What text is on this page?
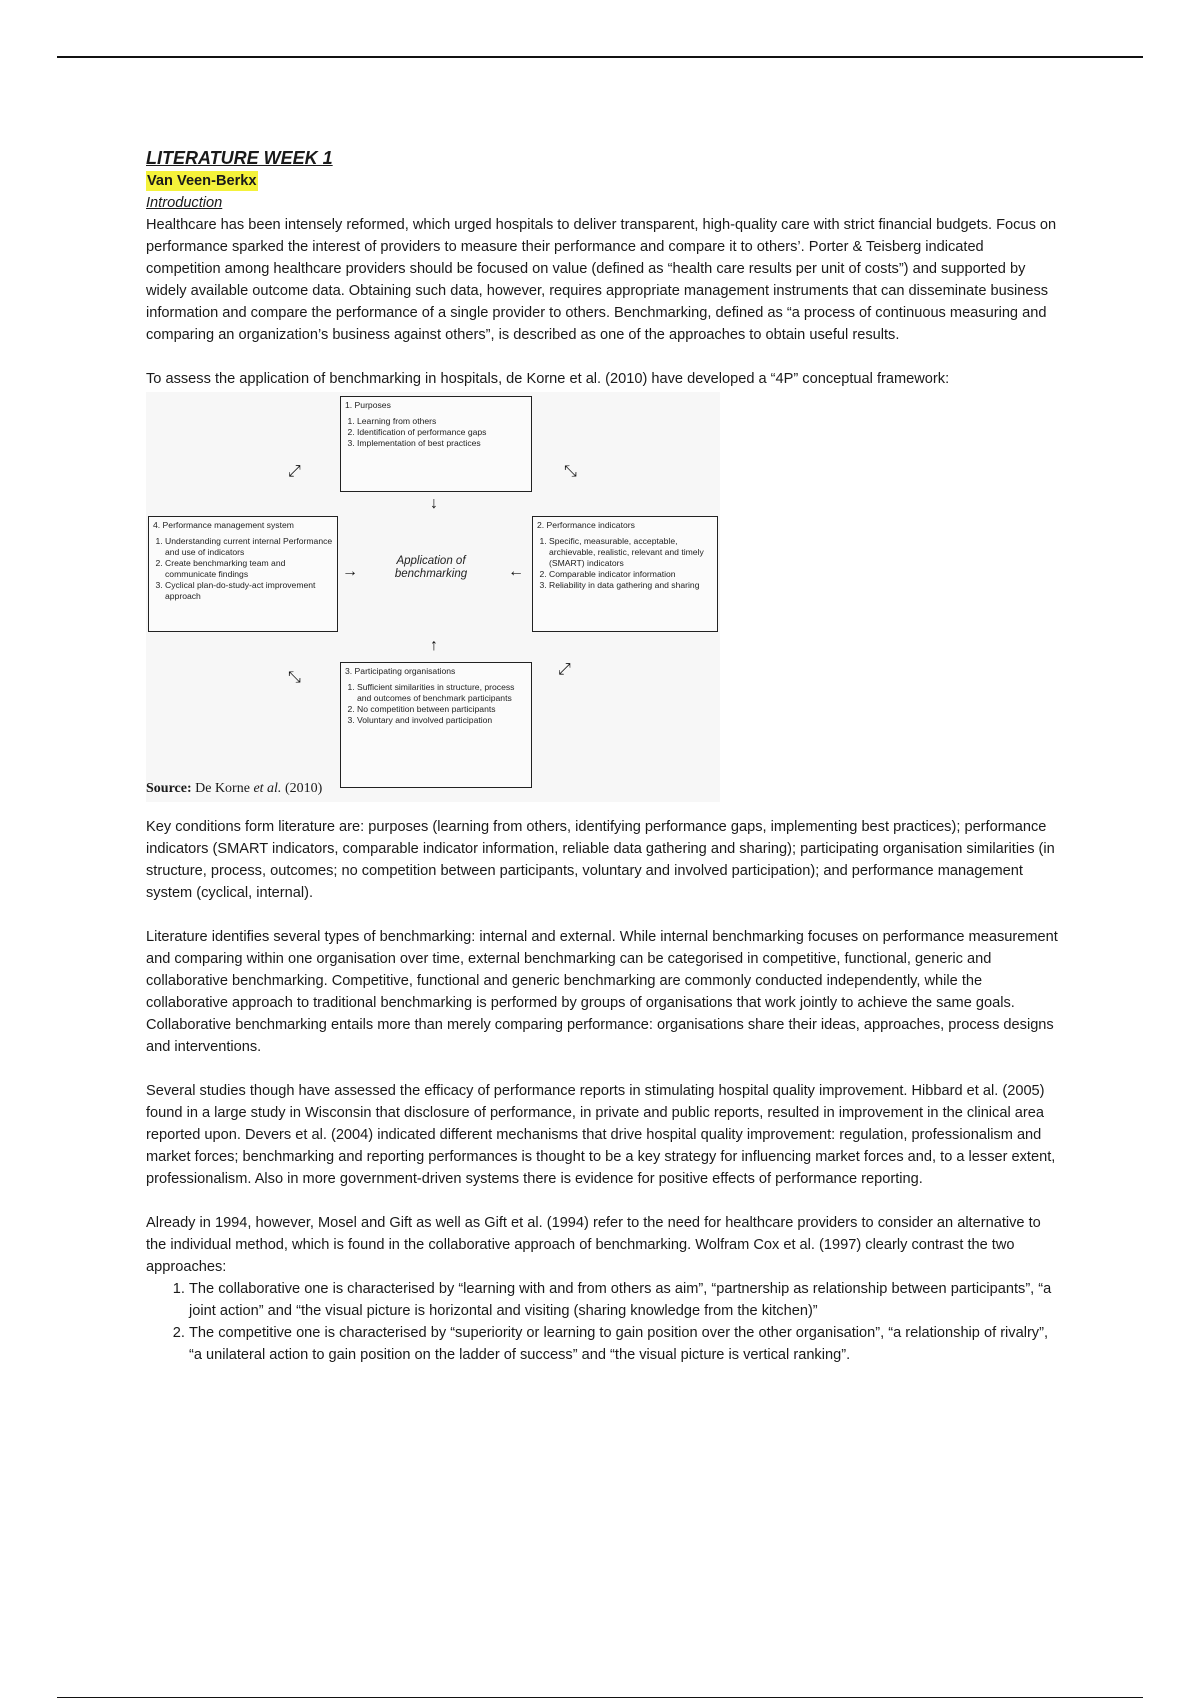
LITERATURE WEEK 1
Van Veen-Berkx
Introduction

Healthcare has been intensely reformed, which urged hospitals to deliver transparent, high-quality care with strict financial budgets. Focus on performance sparked the interest of providers to measure their performance and compare it to others’. Porter & Teisberg indicated competition among healthcare providers should be focused on value (defined as “health care results per unit of costs”) and supported by widely available outcome data. Obtaining such data, however, requires appropriate management instruments that can disseminate business information and compare the performance of a single provider to others. Benchmarking, defined as “a process of continuous measuring and comparing an organization’s business against others”, is described as one of the approaches to obtain useful results.

To assess the application of benchmarking in hospitals, de Korne et al. (2010) have developed a “4P” conceptual framework:

1. Purposes
1. Learning from others
2. Identification of performance gaps
3. Implementation of best practices
4. Performance management system
1. Understanding current internal Performance and use of indicators
2. Create benchmarking team and communicate findings
3. Cyclical plan-do-study-act improvement approach
2. Performance indicators
1. Specific, measurable, acceptable, archievable, realistic, relevant and timely (SMART) indicators
2. Comparable indicator information
3. Reliability in data gathering and sharing
3. Participating organisations
1. Sufficient similarities in structure, process and outcomes of benchmark participants
2. No competition between participants
3. Voluntary and involved participation
Application of benchmarking
↓
↑
→	←
⤢	⤡
⤡	⤢
Source: De Korne et al. (2010)

Key conditions form literature are: purposes (learning from others, identifying performance gaps, implementing best practices); performance indicators (SMART indicators, comparable indicator information, reliable data gathering and sharing); participating organisation similarities (in structure, process, outcomes; no competition between participants, voluntary and involved participation); and performance management system (cyclical, internal).

Literature identifies several types of benchmarking: internal and external. While internal benchmarking focuses on performance measurement and comparing within one organisation over time, external benchmarking can be categorised in competitive, functional, generic and collaborative benchmarking. Competitive, functional and generic benchmarking are commonly conducted independently, while the collaborative approach to traditional benchmarking is performed by groups of organisations that work jointly to achieve the same goals. Collaborative benchmarking entails more than merely comparing performance: organisations share their ideas, approaches, process designs and interventions.

Several studies though have assessed the efficacy of performance reports in stimulating hospital quality improvement. Hibbard et al. (2005) found in a large study in Wisconsin that disclosure of performance, in private and public reports, resulted in improvement in the clinical area reported upon. Devers et al. (2004) indicated different mechanisms that drive hospital quality improvement: regulation, professionalism and market forces; benchmarking and reporting performances is thought to be a key strategy for influencing market forces and, to a lesser extent, professionalism. Also in more government-driven systems there is evidence for positive effects of performance reporting.

Already in 1994, however, Mosel and Gift as well as Gift et al. (1994) refer to the need for healthcare providers to consider an alternative to the individual method, which is found in the collaborative approach of benchmarking. Wolfram Cox et al. (1997) clearly contrast the two approaches:

1. The collaborative one is characterised by “learning with and from others as aim”, “partnership as relationship between participants”, “a joint action” and “the visual picture is horizontal and visiting (sharing knowledge from the kitchen)”
2. The competitive one is characterised by “superiority or learning to gain position over the other organisation”, “a relationship of rivalry”, “a unilateral action to gain position on the ladder of success” and “the visual picture is vertical ranking”.
